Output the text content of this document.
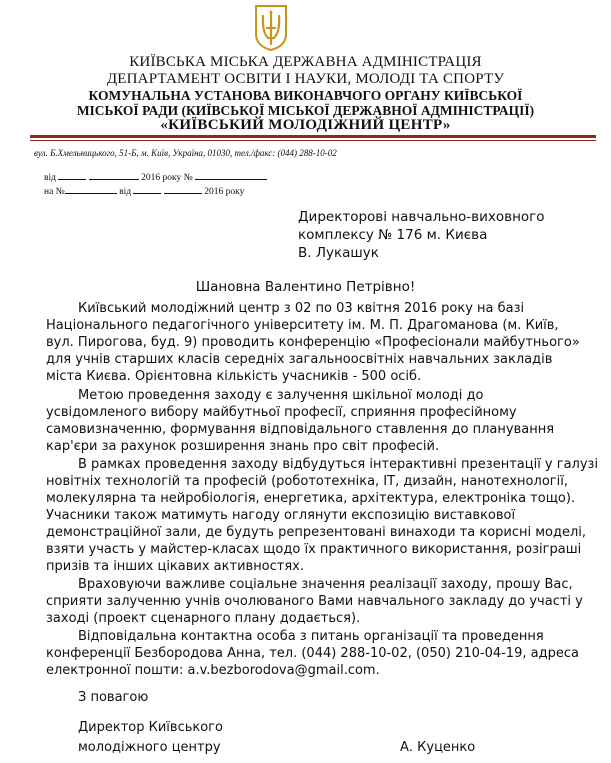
КИЇВСЬКА МІСЬКА ДЕРЖАВНА АДМІНІСТРАЦІЯ
ДЕПАРТАМЕНТ ОСВІТИ І НАУКИ, МОЛОДІ ТА СПОРТУ
КОМУНАЛЬНА УСТАНОВА ВИКОНАВЧОГО ОРГАНУ КИЇВСЬКОЇ
МІСЬКОЇ РАДИ (КИЇВСЬКОЇ МІСЬКОЇ ДЕРЖАВНОЇ АДМІНІСТРАЦІЇ)
«КИЇВСЬКИЙ МОЛОДІЖНИЙ ЦЕНТР»
вул. Б.Хмельницького, 51-Б, м. Київ, Україна, 01030, тел./факс: (044) 288-10-02
від	2016 року №
на №	від	2016 року
Директорові навчально-виховного
комплексу № 176 м. Києва
В. Лукашук
Шановна Валентино Петрівно!
Київський молодіжний центр з 02 по 03 квітня 2016 року на базі
Національного педагогічного університету ім. М. П. Драгоманова (м. Київ,
вул. Пирогова, буд. 9) проводить конференцію «Професіонали майбутнього»
для учнів старших класів середніх загальноосвітніх навчальних закладів
міста Києва. Орієнтовна кількість учасників - 500 осіб.
Метою проведення заходу є залучення шкільної молоді до
усвідомленого вибору майбутньої професії, сприяння професійному
самовизначенню, формування відповідального ставлення до планування
кар'єри за рахунок розширення знань про світ професій.
В рамках проведення заходу відбудуться інтерактивні презентації у галузі
новітніх технологій та професій (робототехніка, IT, дизайн, нанотехнології,
молекулярна та нейробіологія, енергетика, архітектура, електроніка тощо).
Учасники також матимуть нагоду оглянути експозицію виставкової
демонстраційної зали, де будуть репрезентовані винаходи та корисні моделі,
взяти участь у майстер-класах щодо їх практичного використання, розіграші
призів та інших цікавих активностях.
Враховуючи важливе соціальне значення реалізації заходу, прошу Вас,
сприяти залученню учнів очолюваного Вами навчального закладу до участі у
заході (проект сценарного плану додається).
Відповідальна контактна особа з питань організації та проведення
конференції Безбородова Анна, тел. (044) 288-10-02, (050) 210-04-19, адреса
електронної пошти: a.v.bezborodova@gmail.com.
З повагою
Директор Київського
молодіжного центру	А. Куценко
